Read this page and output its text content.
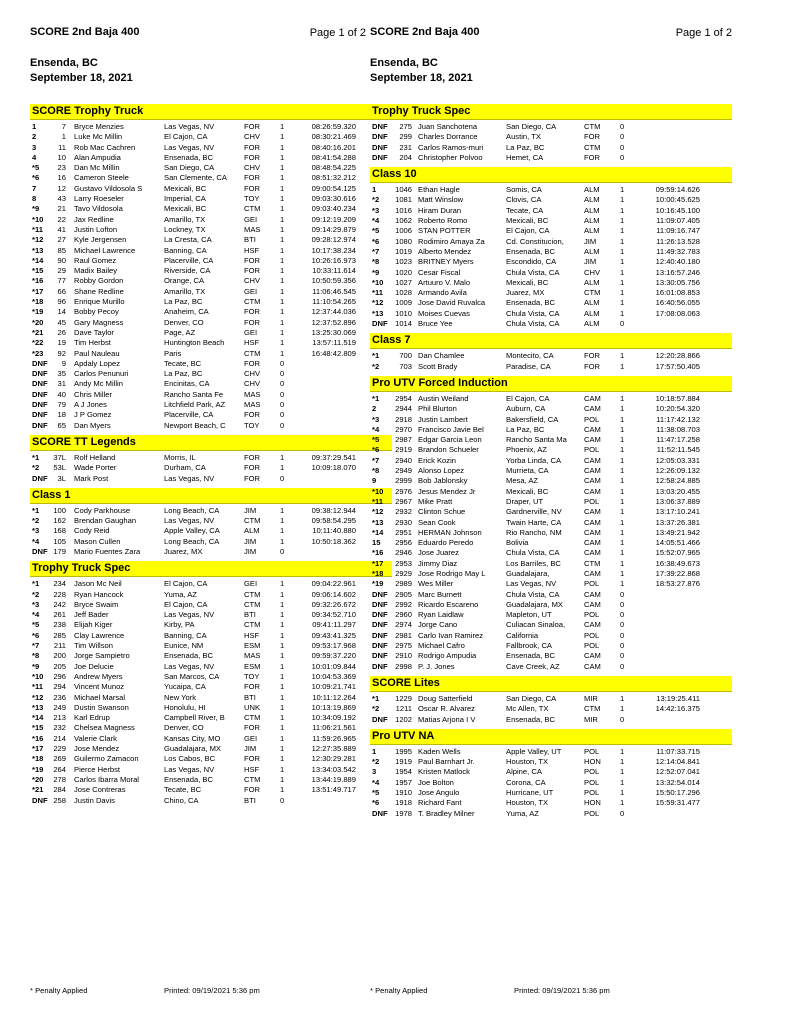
SCORE 2nd Baja 400	Page 1 of 2
Ensenda, BC
September 18, 2021
SCORE Trophy Truck
1	7 Bryce Menzies	Las Vegas, NV	FOR	1	08:26:59.320
2	1 Luke Mc Millin	El Cajon, CA	CHV	1	08:30:21.469
3	11 Rob Mac Cachren	Las Vegas, NV	FOR	1	08:40:16.201
4	10 Alan Ampudia	Ensenada, BC	FOR	1	08:41:54.288
*5	23 Dan Mc Millin	San Diego, CA	CHV	1	08:48:54.225
*6	16 Cameron Steele	San Clemente, CA	FOR	1	08:51:32.212
7	12 Gustavo Vildosola S	Mexicali, BC	FOR	1	09:00:54.125
8	43 Larry Roeseler	Imperial, CA	TOY	1	09:03:30.616
*9	21 Tavo Vildosola	Mexicali, BC	CTM	1	09:03:40.234
*10	22 Jax Redline	Amarillo, TX	GEI	1	09:12:19.209
*11	41 Justin Lofton	Lockney, TX	MAS	1	09:14:29.879
*12	27 Kyle Jergensen	La Cresta, CA	BTI	1	09:28:12.974
*13	85 Michael Lawrence	Banning, CA	HSF	1	10:17:38.234
*14	90 Raul Gomez	Placerville, CA	FOR	1	10:26:16.973
*15	29 Madix Bailey	Riverside, CA	FOR	1	10:33:11.614
*16	77 Robby Gordon	Orange, CA	CHV	1	10:50:59.356
*17	66 Shane Redline	Amarillo, TX	GEI	1	11:06:46.545
*18	96 Enrique Murillo	La Paz, BC	CTM	1	11:10:54.265
*19	14 Bobby Pecoy	Anaheim, CA	FOR	1	12:37:44.036
*20	45 Gary Magness	Denver, CO	FOR	1	12:37:52.896
*21	26 Dave Taylor	Page, AZ	GEI	1	13:25:30.069
*22	19 Tim Herbst	Huntington Beach	HSF	1	13:57:11.519
*23	92 Paul Nauleau	Paris	CTM	1	16:48:42.809
DNF	9 Apdaly Lopez	Tecate, BC	FOR	0
DNF	35 Carlos Penunuri	La Paz, BC	CHV	0
DNF	31 Andy Mc Millin	Encinitas, CA	CHV	0
DNF	40 Chris Miller	Rancho Santa Fe	MAS	0
DNF	79 A J Jones	Litchfield Park, AZ	MAS	0
DNF	18 J P Gomez	Placerville, CA	FOR	0
DNF	65 Dan Myers	Newport Beach, C	TOY	0
SCORE TT Legends
*1	37L Rolf Helland	Morris, IL	FOR	1	09:37:29.541
*2	53L Wade Porter	Durham, CA	FOR	1	10:09:18.070
DNF	3L Mark Post	Las Vegas, NV	FOR	0
Class 1
*1	100 Cody Parkhouse	Long Beach, CA	JIM	1	09:38:12.944
*2	162 Brendan Gaughan	Las Vegas, NV	CTM	1	09:58:54.295
*3	168 Cody Reid	Apple Valley, CA	ALM	1	10:11:40.880
*4	105 Mason Cullen	Long Beach, CA	JIM	1	10:50:18.362
DNF 179 Mario Fuentes Zara	Juarez, MX	JIM	0
Trophy Truck Spec
*1	234 Jason Mc Neil	El Cajon, CA	GEI	1	09:04:22.961
*2	228 Ryan Hancock	Yuma, AZ	CTM	1	09:06:14.602
*3	242 Bryce Swaim	El Cajon, CA	CTM	1	09:32:26.672
*4	261 Jeff Bader	Las Vegas, NV	BTI	1	09:34:52.710
*5	238 Elijah Kiger	Kirby, PA	CTM	1	09:41:11.297
*6	285 Clay Lawrence	Banning, CA	HSF	1	09:43:41.325
*7	211 Tim Willson	Eunice, NM	ESM	1	09:53:17.968
*8	200 Jorge Sampietro	Ensenada, BC	MAS	1	09:59:37.220
*9	205 Joe Delucie	Las Vegas, NV	ESM	1	10:01:09.844
*10	296 Andrew Myers	San Marcos, CA	TOY	1	10:04:53.369
*11	294 Vincent Munoz	Yucaipa, CA	FOR	1	10:09:21.741
*12	236 Michael Marsal	New York	BTI	1	10:11:12.264
*13	249 Dustin Swanson	Honolulu, HI	UNK	1	10:13:19.869
*14	213 Karl Edrup	Campbell River, B	CTM	1	10:34:09.192
*15	232 Chelsea Magness	Denver, CO	FOR	1	11:06:21.561
*16	214 Valerie Clark	Kansas City, MO	GEI	1	11:59:26.965
*17	229 Jose Mendez	Guadalajara, MX	JIM	1	12:27:35.889
*18	269 Guilermo Zamacon	Los Cabos, BC	FOR	1	12:30:29.281
*19	264 Pierce Herbst	Las Vegas, NV	HSF	1	13:34:03.542
*20	278 Carlos Ibarra Moral	Ensenada, BC	CTM	1	13:44:19.889
*21	284 Jose Contreras	Tecate, BC	FOR	1	13:51:49.717
DNF 258 Justin Davis	Chino, CA	BTI	0
SCORE 2nd Baja 400	Page 1 of 2
Ensenda, BC
September 18, 2021
Trophy Truck Spec
DNF	275 Juan Sanchotena	San Diego, CA	CTM	0
DNF	299 Charles Dorrance	Austin, TX	FOR	0
DNF	231 Carlos Ramos-muri	La Paz, BC	CTM	0
DNF	204 Christopher Polvoo	Hemet, CA	FOR	0
Class 10
1	1046 Ethan Hagle	Somis, CA	ALM	1	09:59:14.626
*2	1081 Matt Winslow	Clovis, CA	ALM	1	10:00:45.625
*3	1016 Hiram Duran	Tecate, CA	ALM	1	10:16:45.100
*4	1062 Roberto Romo	Mexicali, BC	ALM	1	11:09:07.405
*5	1006 STAN POTTER	El Cajon, CA	ALM	1	11:09:16.747
*6	1080 Rodimiro Amaya Za	Cd. Constitucion,	JIM	1	11:26:13.528
*7	1019 Alberto Mendez	Ensenada, BC	ALM	1	11:49:32.783
*8	1023 BRITNEY Myers	Escondido, CA	JIM	1	12:40:40.180
*9	1020 Cesar Fiscal	Chula Vista, CA	CHV	1	13:16:57.246
*10	1027 Artuuro V. Malo	Mexicali, BC	ALM	1	13:30:05.756
*11	1028 Armando Avila	Juarez, MX	CTM	1	16:01:08.853
*12	1009 Jose David Ruvalca	Ensenada, BC	ALM	1	16:40:56.055
*13	1010 Moises Cuevas	Chula Vista, CA	ALM	1	17:08:08.063
DNF 1014 Bruce Yee	Chula Vista, CA	ALM	0
Class 7
*1	700 Dan Chamlee	Montecito, CA	FOR	1	12:20:28.866
*2	703 Scott Brady	Paradise, CA	FOR	1	17:57:50.405
Pro UTV Forced Induction
*1	2954 Austin Weiland	El Cajon, CA	CAM	1	10:18:57.884
2	2944 Phil Blurton	Auburn, CA	CAM	1	10:20:54.320
*3	2918 Justin Lambert	Bakersfield, CA	POL	1	11:17:42.132
*4	2970 Francisco Javie Bel	La Paz, BC	CAM	1	11:38:08.703
*5	2987 Edgar Garcia Leon	Rancho Santa Ma	CAM	1	11:47:17.258
*6	2919 Brandon Schueler	Phoenix, AZ	POL	1	11:52:11.545
*7	2940 Erick Kozin	Yorba Linda, CA	CAM	1	12:05:03.331
*8	2949 Alonso Lopez	Murrieta, CA	CAM	1	12:26:09.132
9	2999 Bob Jablonsky	Mesa, AZ	CAM	1	12:58:24.885
*10	2976 Jesus Mendez Jr	Mexicali, BC	CAM	1	13:03:20.455
*11	2967 Mike Pratt	Draper, UT	POL	1	13:06:37.889
*12	2932 Clinton Schue	Gardnerville, NV	CAM	1	13:17:10.241
*13	2930 Sean Cook	Twain Harte, CA	CAM	1	13:37:26.381
*14	2951 HERMAN Johnson	Rio Rancho, NM	CAM	1	13:49:21.942
15	2956 Eduardo Peredo	Bolivia	CAM	1	14:05:51.466
*16	2946 Jose Juarez	Chula Vista, CA	CAM	1	15:52:07.965
*17	2953 Jimmy Diaz	Los Barriles, BC	CTM	1	16:38:49.673
*18	2929 Jose Rodrigo May L	Guadalajara,	CAM	1	17:39:22.868
*19	2989 Wes Miller	Las Vegas, NV	POL	1	18:53:27.876
DNF 2905 Marc Burnett	Chula Vista, CA	CAM	0
DNF 2992 Ricardo Escareno	Guadalajara, MX	CAM	0
DNF 2960 Ryan Laidlaw	Mapleton, UT	POL	0
DNF 2974 Jorge Cano	Culiacan Sinaloa,	CAM	0
DNF 2981 Carlo Ivan Ramirez	California	POL	0
DNF 2975 Michael Cafro	Fallbrook, CA	POL	0
DNF 2910 Rodrigo Ampudia	Ensenada, BC	CAM	0
DNF 2998 P. J. Jones	Cave Creek, AZ	CAM	0
SCORE Lites
*1	1229 Doug Satterfield	San Diego, CA	MIR	1	13:19:25.411
*2	1211 Oscar R. Alvarez	Mc Allen, TX	CTM	1	14:42:16.375
DNF 1202 Matias Arjona I V	Ensenada, BC	MIR	0
Pro UTV NA
1	1995 Kaden Wells	Apple Valley, UT	POL	1	11:07:33.715
*2	1919 Paul Barnhart Jr.	Houston, TX	HON	1	12:14:04.841
3	1954 Kristen Matlock	Alpine, CA	POL	1	12:52:07.041
*4	1957 Joe Bolton	Corona, CA	POL	1	13:32:54.014
*5	1910 Jose Angulo	Hurricane, UT	POL	1	15:50:17.296
*6	1918 Richard Fant	Houston, TX	HON	1	15:59:31.477
DNF 1978 T. Bradley Milner	Yuma, AZ	POL	0
* Penalty Applied	Printed: 09/19/2021 5:36 pm	* Penalty Applied	Printed: 09/19/2021 5:36 pm
